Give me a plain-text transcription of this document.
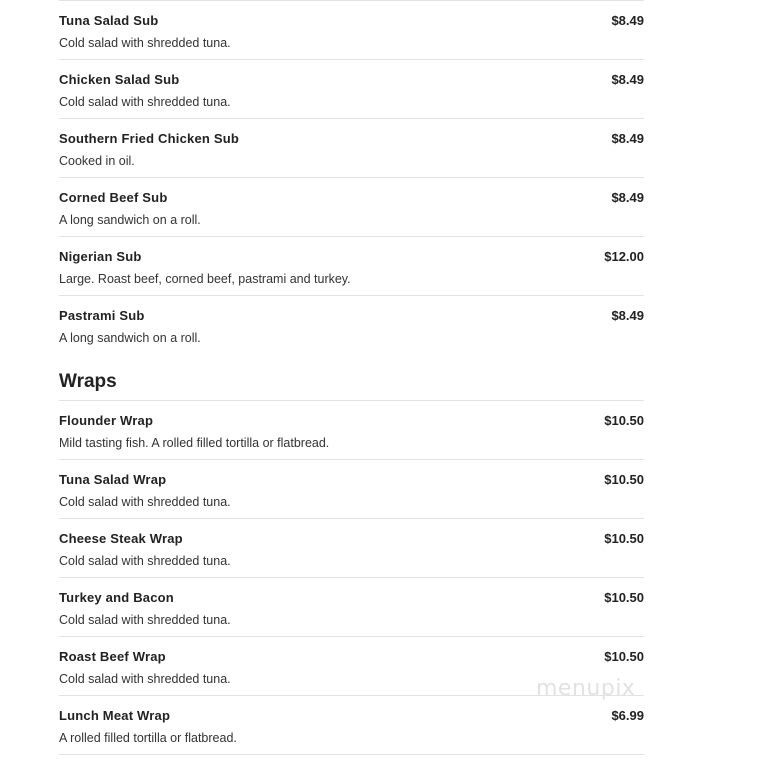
Tuna Salad Sub	$8.49
Cold salad with shredded tuna.
Chicken Salad Sub	$8.49
Cold salad with shredded tuna.
Southern Fried Chicken Sub	$8.49
Cooked in oil.
Corned Beef Sub	$8.49
A long sandwich on a roll.
Nigerian Sub	$12.00
Large. Roast beef, corned beef, pastrami and turkey.
Pastrami Sub	$8.49
A long sandwich on a roll.
Wraps
Flounder Wrap	$10.50
Mild tasting fish. A rolled filled tortilla or flatbread.
Tuna Salad Wrap	$10.50
Cold salad with shredded tuna.
Cheese Steak Wrap	$10.50
Cold salad with shredded tuna.
Turkey and Bacon	$10.50
Cold salad with shredded tuna.
Roast Beef Wrap	$10.50
Cold salad with shredded tuna.
Lunch Meat Wrap	$6.99
A rolled filled tortilla or flatbread.
menupix
